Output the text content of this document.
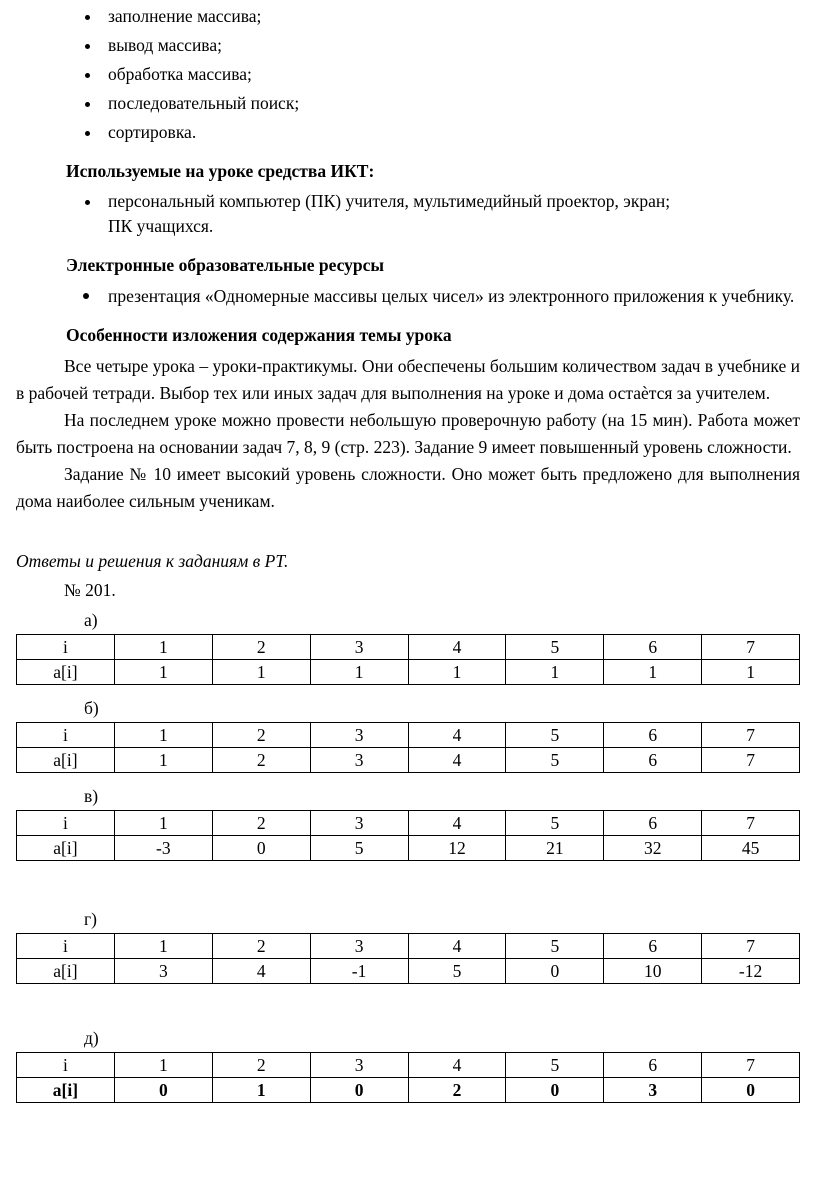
• заполнение массива;
• вывод массива;
• обработка массива;
• последовательный поиск;
• сортировка.

Используемые на уроке средства ИКТ:

• персональный компьютер (ПК) учителя, мультимедийный проектор, экран;
ПК учащихся.

Электронные образовательные ресурсы

• презентация «Одномерные массивы целых чисел» из электронного приложения к учебнику.

Особенности изложения содержания темы урока

Все четыре урока – уроки-практикумы. Они обеспечены большим количеством задач в учебнике и в рабочей тетради. Выбор тех или иных задач для выполнения на уроке и дома остаѐтся за учителем.

На последнем уроке можно провести небольшую проверочную работу (на 15 мин). Работа может быть построена на основании задач 7, 8, 9 (стр. 223). Задание 9 имеет повышенный уровень сложности.

Задание № 10 имеет высокий уровень сложности. Оно может быть предложено для выполнения дома наиболее сильным ученикам.

Ответы и решения к заданиям в РТ.

№ 201.

а)

i	1	2	3	4	5	6	7
a[i]	1	1	1	1	1	1	1

б)

i	1	2	3	4	5	6	7
a[i]	1	2	3	4	5	6	7

в)

i	1	2	3	4	5	6	7
a[i]	-3	0	5	12	21	32	45

г)

i	1	2	3	4	5	6	7
a[i]	3	4	-1	5	0	10	-12

д)

i	1	2	3	4	5	6	7
a[i]	0	1	0	2	0	3	0
